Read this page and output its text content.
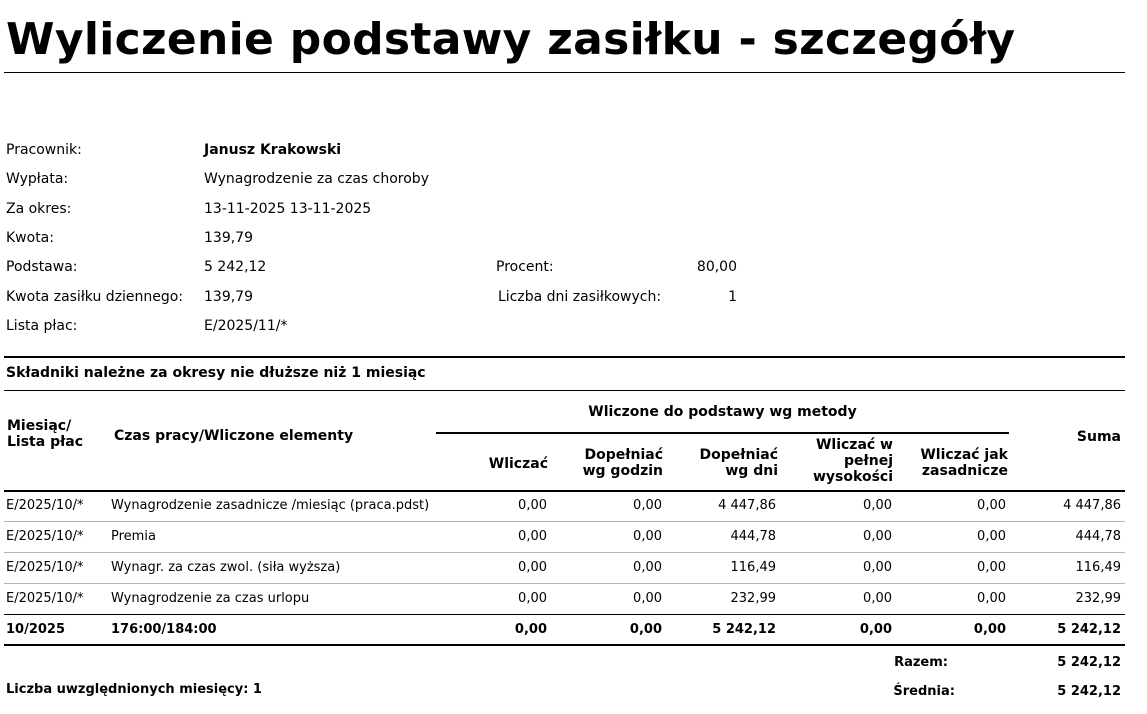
Wyliczenie podstawy zasiłku - szczegóły
Pracownik:	Janusz Krakowski
Wypłata:	Wynagrodzenie za czas choroby
Za okres:	13-11-2025 13-11-2025
Kwota:	139,79
Podstawa:	5 242,12	Procent:	80,00
Kwota zasiłku dziennego: 139,79	Liczba dni zasiłkowych:	1
Lista płac:	E/2025/11/*
Składniki należne za okresy nie dłuższe niż 1 miesiąc
Miesiąc/ Lista płac	Czas pracy/Wliczone elementy
Wliczone do podstawy wg metody
Wliczać
Dopełniać wg godzin
Dopełniać wg dni
Wliczać w pełnej wysokości
Wliczać jak zasadnicze
Suma
E/2025/10/* Wynagrodzenie zasadnicze /miesiąc (praca.pdst)	0,00	0,00	4 447,86	0,00	0,00	4 447,86
E/2025/10/* Premia	0,00	0,00	444,78	0,00	0,00	444,78
E/2025/10/* Wynagr. za czas zwol. (siła wyższa)	0,00	0,00	116,49	0,00	0,00	116,49
E/2025/10/* Wynagrodzenie za czas urlopu	0,00	0,00	232,99	0,00	0,00	232,99
10/2025	176:00/184:00	0,00	0,00	5 242,12	0,00	0,00	5 242,12
Razem:	5 242,12
Liczba uwzględnionych miesięcy: 1	Średnia:	5 242,12
